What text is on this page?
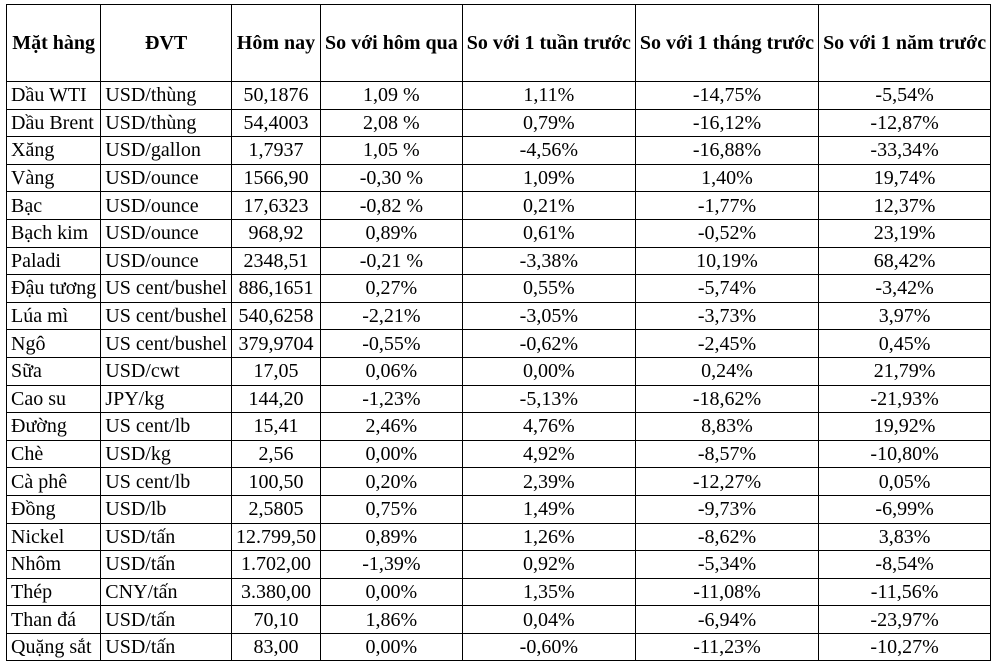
Mặt hàng	ĐVT	Hôm nay	So với hôm qua	So với 1 tuần trước	So với 1 tháng trước	So với 1 năm trước
Dầu WTI	USD/thùng	50,1876	1,09 %	1,11%	-14,75%	-5,54%
Dầu Brent	USD/thùng	54,4003	2,08 %	0,79%	-16,12%	-12,87%
Xăng	USD/gallon	1,7937	1,05 %	-4,56%	-16,88%	-33,34%
Vàng	USD/ounce	1566,90	-0,30 %	1,09%	1,40%	19,74%
Bạc	USD/ounce	17,6323	-0,82 %	0,21%	-1,77%	12,37%
Bạch kim	USD/ounce	968,92	0,89%	0,61%	-0,52%	23,19%
Paladi	USD/ounce	2348,51	-0,21 %	-3,38%	10,19%	68,42%
Đậu tương	US cent/bushel	886,1651	0,27%	0,55%	-5,74%	-3,42%
Lúa mì	US cent/bushel	540,6258	-2,21%	-3,05%	-3,73%	3,97%
Ngô	US cent/bushel	379,9704	-0,55%	-0,62%	-2,45%	0,45%
Sữa	USD/cwt	17,05	0,06%	0,00%	0,24%	21,79%
Cao su	JPY/kg	144,20	-1,23%	-5,13%	-18,62%	-21,93%
Đường	US cent/lb	15,41	2,46%	4,76%	8,83%	19,92%
Chè	USD/kg	2,56	0,00%	4,92%	-8,57%	-10,80%
Cà phê	US cent/lb	100,50	0,20%	2,39%	-12,27%	0,05%
Đồng	USD/lb	2,5805	0,75%	1,49%	-9,73%	-6,99%
Nickel	USD/tấn	12.799,50	0,89%	1,26%	-8,62%	3,83%
Nhôm	USD/tấn	1.702,00	-1,39%	0,92%	-5,34%	-8,54%
Thép	CNY/tấn	3.380,00	0,00%	1,35%	-11,08%	-11,56%
Than đá	USD/tấn	70,10	1,86%	0,04%	-6,94%	-23,97%
Quặng sắt	USD/tấn	83,00	0,00%	-0,60%	-11,23%	-10,27%
